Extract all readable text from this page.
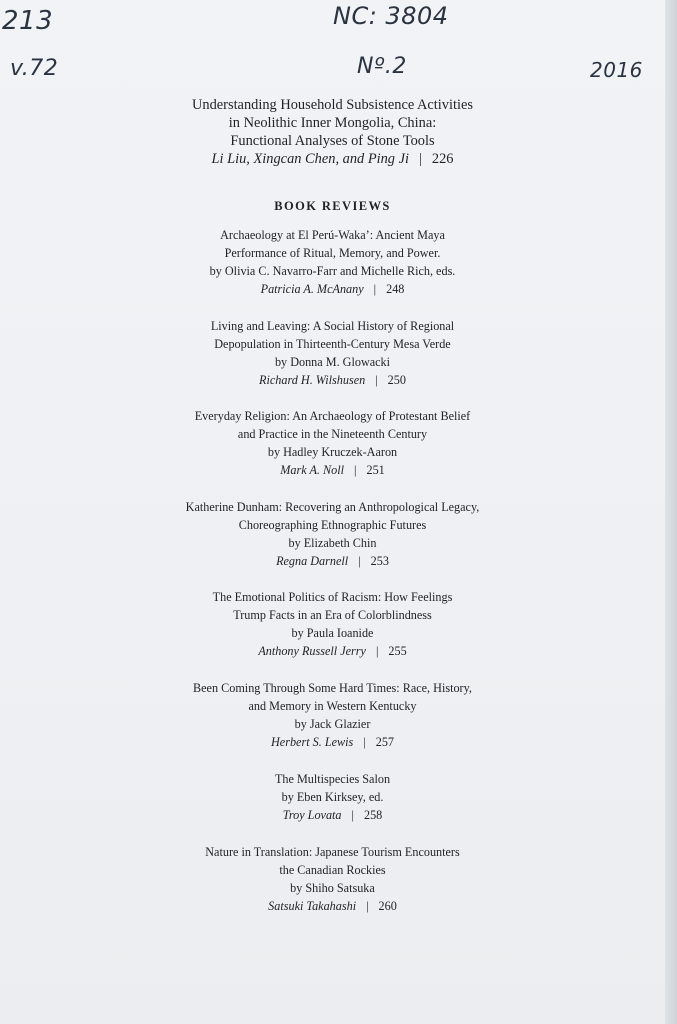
213
v.72
NC: 3804
Nº.2	2016
Understanding Household Subsistence Activities
in Neolithic Inner Mongolia, China:
Functional Analyses of Stone Tools
Li Liu, Xingcan Chen, and Ping Ji | 226
BOOK REVIEWS
Archaeology at El Perú-Waka’: Ancient Maya
Performance of Ritual, Memory, and Power.
by Olivia C. Navarro-Farr and Michelle Rich, eds.
Patricia A. McAnany | 248
Living and Leaving: A Social History of Regional
Depopulation in Thirteenth-Century Mesa Verde
by Donna M. Glowacki
Richard H. Wilshusen | 250
Everyday Religion: An Archaeology of Protestant Belief
and Practice in the Nineteenth Century
by Hadley Kruczek-Aaron
Mark A. Noll | 251
Katherine Dunham: Recovering an Anthropological Legacy,
Choreographing Ethnographic Futures
by Elizabeth Chin
Regna Darnell | 253
The Emotional Politics of Racism: How Feelings
Trump Facts in an Era of Colorblindness
by Paula Ioanide
Anthony Russell Jerry | 255
Been Coming Through Some Hard Times: Race, History,
and Memory in Western Kentucky
by Jack Glazier
Herbert S. Lewis | 257
The Multispecies Salon
by Eben Kirksey, ed.
Troy Lovata | 258
Nature in Translation: Japanese Tourism Encounters
the Canadian Rockies
by Shiho Satsuka
Satsuki Takahashi | 260
